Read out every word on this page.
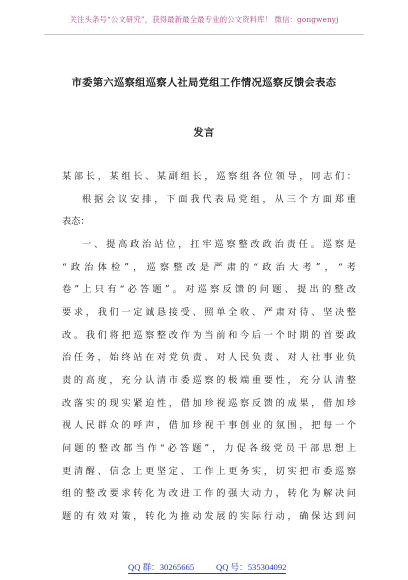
关注头条号“公文研究”，获得最新最全最专业的公文资料库！ 微信：gongwenyj
市委第六巡察组巡察人社局党组工作情况巡察反馈会表态
发言
某部长，某组长、某副组长，巡察组各位领导，同志们：
根据会议安排，下面我代表局党组，从三个方面郑重
表态：
一、提高政治站位，扛牢巡察整改政治责任。巡察是
“政治体检”，巡察整改是严肃的“政治大考”，“考
卷”上只有“必答题”。对巡察反馈的问题、提出的整改
要求，我们一定诚恳接受、照单全收、严肃对待、坚决整
改。我们将把巡察整改作为当前和今后一个时期的首要政
治任务，始终站在对党负责、对人民负责、对人社事业负
责的高度，充分认清市委巡察的极端重要性，充分认清整
改落实的现实紧迫性，借加珍视巡察反馈的成果，借加珍
视人民群众的呼声，借加珍视干事创业的氛围，把每一个
问题的整改都当作“必答题”，力促各级党员干部思想上
更清醒、信念上更坚定、工作上更务实，切实把市委巡察
组的整改要求转化为改进工作的强大动力，转化为解决问
题的有效对策，转化为推动发展的实际行动，确保达到问
QQ 群：30265665	QQ 号：535304092
